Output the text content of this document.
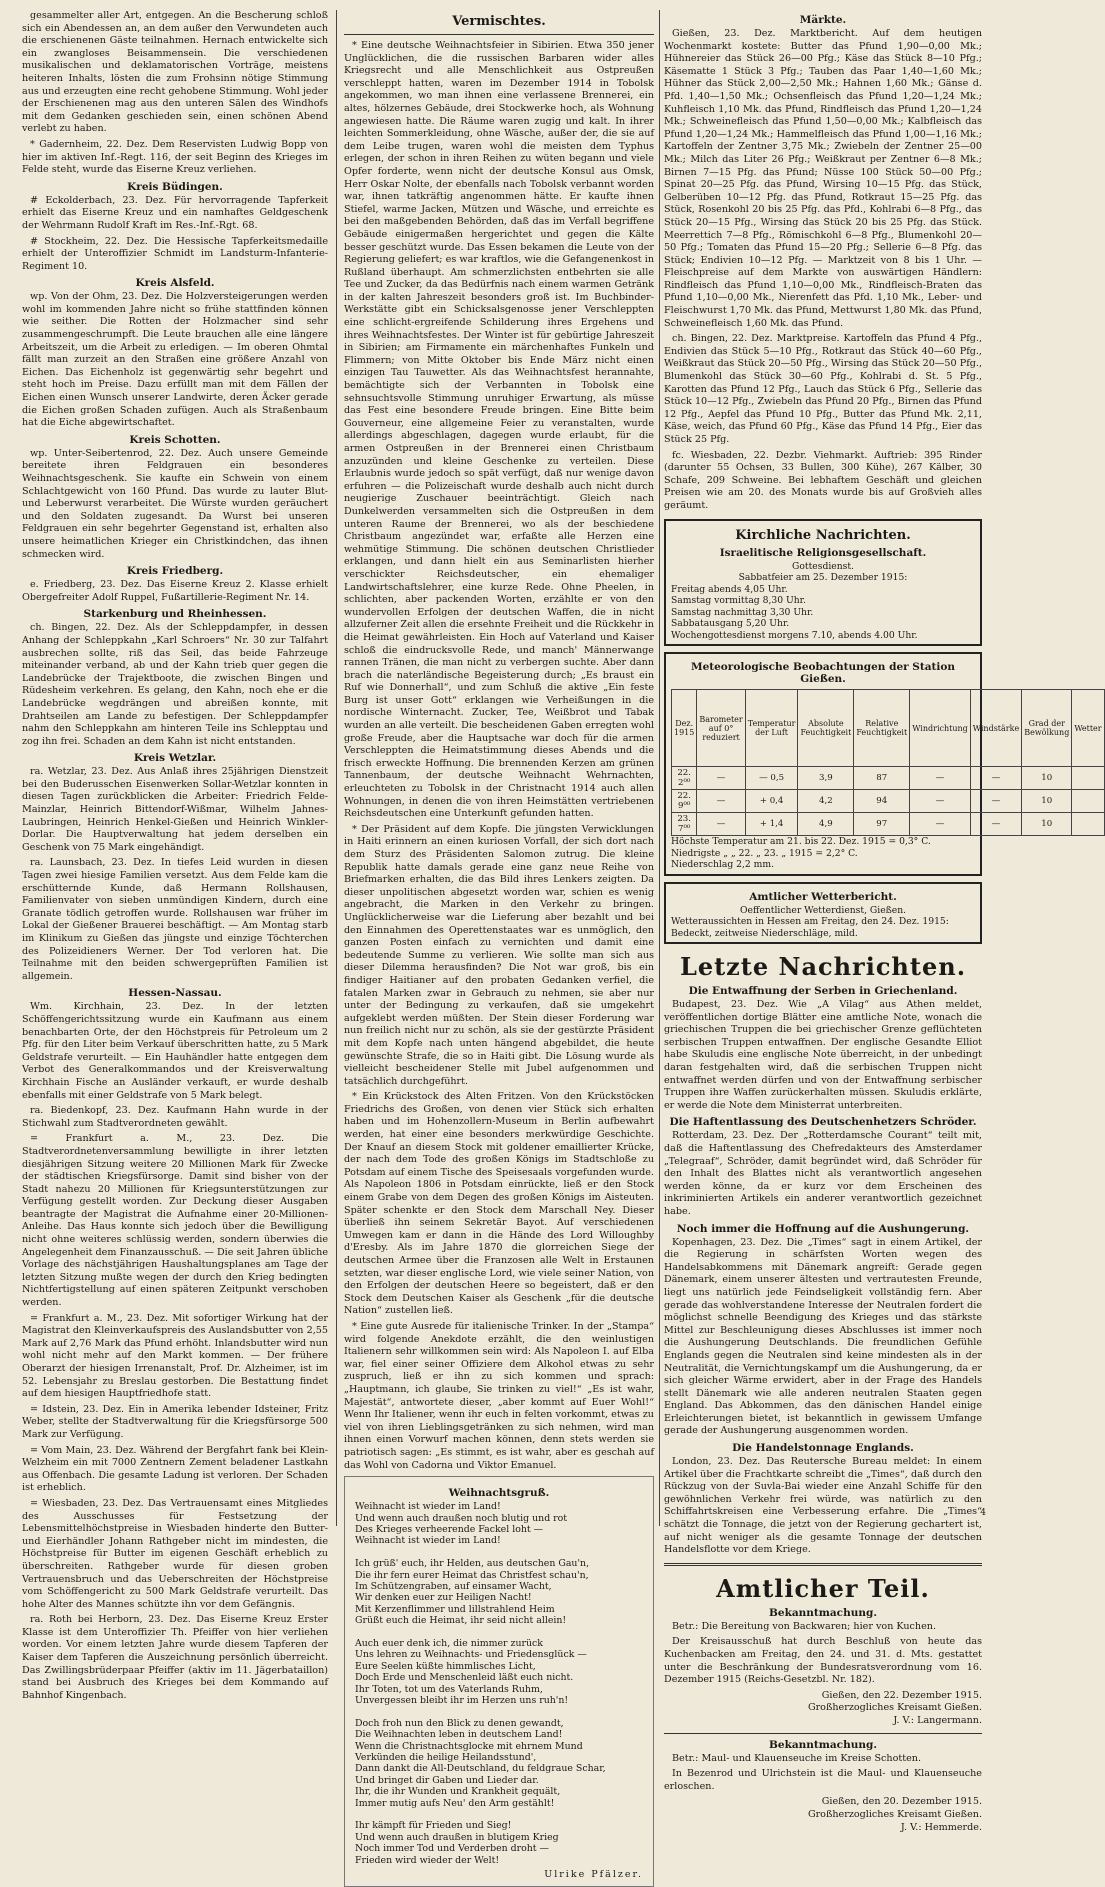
gesammelter aller Art, entgegen. An die Bescherung schloß sich ein Abendessen an, an dem außer den Verwundeten auch die erschienenen Gäste teilnahmen. Hernach entwickelte sich ein zwangloses Beisammensein. Die verschiedenen musikalischen und deklamatorischen Vorträge, meistens heiteren Inhalts, lösten die zum Frohsinn nötige Stimmung aus und erzeugten eine recht gehobene Stimmung. Wohl jeder der Erschienenen mag aus den unteren Sälen des Windhofs mit dem Gedanken geschieden sein, einen schönen Abend verlebt zu haben.

* Gadernheim, 22. Dez. Dem Reservisten Ludwig Bopp von hier im aktiven Inf.-Regt. 116, der seit Beginn des Krieges im Felde steht, wurde das Eiserne Kreuz verliehen.

Kreis Büdingen.

# Eckolderbach, 23. Dez. Für hervorragende Tapferkeit erhielt das Eiserne Kreuz und ein namhaftes Geldgeschenk der Wehrmann Rudolf Kraft im Res.-Inf.-Rgt. 68.

# Stockheim, 22. Dez. Die Hessische Tapferkeitsmedaille erhielt der Unteroffizier Schmidt im Landsturm-Infanterie-Regiment 10.

Kreis Alsfeld.

wp. Von der Ohm, 23. Dez. Die Holzversteigerungen werden wohl im kommenden Jahre nicht so frühe stattfinden können wie seither. Die Rotten der Holzmacher sind sehr zusammengeschrumpft. Die Leute brauchen alle eine längere Arbeitszeit, um die Arbeit zu erledigen. — Im oberen Ohmtal fällt man zurzeit an den Straßen eine größere Anzahl von Eichen. Das Eichenholz ist gegenwärtig sehr begehrt und steht hoch im Preise. Dazu erfüllt man mit dem Fällen der Eichen einen Wunsch unserer Landwirte, deren Äcker gerade die Eichen großen Schaden zufügen. Auch als Straßenbaum hat die Eiche abgewirtschaftet.

Kreis Schotten.

wp. Unter-Seibertenrod, 22. Dez. Auch unsere Gemeinde bereitete ihren Feldgrauen ein besonderes Weihnachtsgeschenk. Sie kaufte ein Schwein von einem Schlachtgewicht von 160 Pfund. Das wurde zu lauter Blut- und Leberwurst verarbeitet. Die Würste wurden geräuchert und den Soldaten zugesandt. Da Wurst bei unseren Feldgrauen ein sehr begehrter Gegenstand ist, erhalten also unsere heimatlichen Krieger ein Christkindchen, das ihnen schmecken wird.

Kreis Friedberg.

e. Friedberg, 23. Dez. Das Eiserne Kreuz 2. Klasse erhielt Obergefreiter Adolf Ruppel, Fußartillerie-Regiment Nr. 14.

Starkenburg und Rheinhessen.

ch. Bingen, 22. Dez. Als der Schleppdampfer, in dessen Anhang der Schleppkahn „Karl Schroers“ Nr. 30 zur Talfahrt ausbrechen sollte, riß das Seil, das beide Fahrzeuge miteinander verband, ab und der Kahn trieb quer gegen die Landebrücke der Trajektboote, die zwischen Bingen und Rüdesheim verkehren. Es gelang, den Kahn, noch ehe er die Landebrücke wegdrängen und abreißen konnte, mit Drahtseilen am Lande zu befestigen. Der Schleppdampfer nahm den Schleppkahn am hinteren Teile ins Schlepptau und zog ihn frei. Schaden an dem Kahn ist nicht entstanden.

Kreis Wetzlar.

ra. Wetzlar, 23. Dez. Aus Anlaß ihres 25jährigen Dienstzeit bei den Buderusschen Eisenwerken Sollar-Wetzlar konnten in diesen Tagen zurückblicken die Arbeiter: Friedrich Felde-Mainzlar, Heinrich Bittendorf-Wißmar, Wilhelm Jahnes-Laubringen, Heinrich Henkel-Gießen und Heinrich Winkler-Dorlar. Die Hauptverwaltung hat jedem derselben ein Geschenk von 75 Mark eingehändigt.

ra. Launsbach, 23. Dez. In tiefes Leid wurden in diesen Tagen zwei hiesige Familien versetzt. Aus dem Felde kam die erschütternde Kunde, daß Hermann Rollshausen, Familienvater von sieben unmündigen Kindern, durch eine Granate tödlich getroffen wurde. Rollshausen war früher im Lokal der Gießener Brauerei beschäftigt. — Am Montag starb im Klinikum zu Gießen das jüngste und einzige Töchterchen des Polizeidieners Werner. Der Tod verloren hat. Die Teilnahme mit den beiden schwergeprüften Familien ist allgemein.

Hessen-Nassau.

Wm. Kirchhain, 23. Dez. In der letzten Schöffengerichtssitzung wurde ein Kaufmann aus einem benachbarten Orte, der den Höchstpreis für Petroleum um 2 Pfg. für den Liter beim Verkauf überschritten hatte, zu 5 Mark Geldstrafe verurteilt. — Ein Hauhändler hatte entgegen dem Verbot des Generalkommandos und der Kreisverwaltung Kirchhain Fische an Ausländer verkauft, er wurde deshalb ebenfalls mit einer Geldstrafe von 5 Mark belegt.

ra. Biedenkopf, 23. Dez. Kaufmann Hahn wurde in der Stichwahl zum Stadtverordneten gewählt.

= Frankfurt a. M., 23. Dez. Die Stadtverordnetenversammlung bewilligte in ihrer letzten diesjährigen Sitzung weitere 20 Millionen Mark für Zwecke der städtischen Kriegsfürsorge. Damit sind bisher von der Stadt nahezu 20 Millionen für Kriegsunterstützungen zur Verfügung gestellt worden. Zur Deckung dieser Ausgaben beantragte der Magistrat die Aufnahme einer 20-Millionen-Anleihe. Das Haus konnte sich jedoch über die Bewilligung nicht ohne weiteres schlüssig werden, sondern überwies die Angelegenheit dem Finanzausschuß. — Die seit Jahren übliche Vorlage des nächstjährigen Haushaltungsplanes am Tage der letzten Sitzung mußte wegen der durch den Krieg bedingten Nichtfertigstellung auf einen späteren Zeitpunkt verschoben werden.

= Frankfurt a. M., 23. Dez. Mit sofortiger Wirkung hat der Magistrat den Kleinverkaufspreis des Auslandsbutter von 2,55 Mark auf 2,76 Mark das Pfund erhöht. Inlandsbutter wird nun wohl nicht mehr auf den Markt kommen. — Der frühere Oberarzt der hiesigen Irrenanstalt, Prof. Dr. Alzheimer, ist im 52. Lebensjahr zu Breslau gestorben. Die Bestattung findet auf dem hiesigen Hauptfriedhofe statt.

= Idstein, 23. Dez. Ein in Amerika lebender Idsteiner, Fritz Weber, stellte der Stadtverwaltung für die Kriegsfürsorge 500 Mark zur Verfügung.

= Vom Main, 23. Dez. Während der Bergfahrt fank bei Klein-Welzheim ein mit 7000 Zentnern Zement beladener Lastkahn aus Offenbach. Die gesamte Ladung ist verloren. Der Schaden ist erheblich.

= Wiesbaden, 23. Dez. Das Vertrauensamt eines Mitgliedes des Ausschusses für Festsetzung der Lebensmittelhöchstpreise in Wiesbaden hinderte den Butter- und Eierhändler Johann Rathgeber nicht im mindesten, die Höchstpreise für Butter im eigenen Geschäft erheblich zu überschreiten. Rathgeber wurde für diesen groben Vertrauensbruch und das Ueberschreiten der Höchstpreise vom Schöffengericht zu 500 Mark Geldstrafe verurteilt. Das hohe Alter des Mannes schützte ihn vor dem Gefängnis.

ra. Roth bei Herborn, 23. Dez. Das Eiserne Kreuz Erster Klasse ist dem Unteroffizier Th. Pfeiffer von hier verliehen worden. Vor einem letzten Jahre wurde diesem Tapferen der Kaiser dem Tapferen die Auszeichnung persönlich überreicht. Das Zwillingsbrüderpaar Pfeiffer (aktiv im 11. Jägerbataillon) stand bei Ausbruch des Krieges bei dem Kommando auf Bahnhof Kingenbach.

Vermischtes.

* Eine deutsche Weihnachtsfeier in Sibirien. Etwa 350 jener Unglücklichen, die die russischen Barbaren wider alles Kriegsrecht und alle Menschlichkeit aus Ostpreußen verschleppt hatten, waren im Dezember 1914 in Tobolsk angekommen, wo man ihnen eine verlassene Brennerei, ein altes, hölzernes Gebäude, drei Stockwerke hoch, als Wohnung angewiesen hatte. Die Räume waren zugig und kalt. In ihrer leichten Sommerkleidung, ohne Wäsche, außer der, die sie auf dem Leibe trugen, waren wohl die meisten dem Typhus erlegen, der schon in ihren Reihen zu wüten begann und viele Opfer forderte, wenn nicht der deutsche Konsul aus Omsk, Herr Oskar Nolte, der ebenfalls nach Tobolsk verbannt worden war, ihnen tatkräftig angenommen hätte. Er kaufte ihnen Stiefel, warme Jacken, Mützen und Wäsche, und erreichte es bei den maßgebenden Behörden, daß das im Verfall begriffene Gebäude einigermaßen hergerichtet und gegen die Kälte besser geschützt wurde. Das Essen bekamen die Leute von der Regierung geliefert; es war kraftlos, wie die Gefangenenkost in Rußland überhaupt. Am schmerzlichsten entbehrten sie alle Tee und Zucker, da das Bedürfnis nach einem warmen Getränk in der kalten Jahreszeit besonders groß ist. Im Buchbinder-Werkstätte gibt ein Schicksalsgenosse jener Verschleppten eine schlicht-ergreifende Schilderung ihres Ergehens und ihres Weihnachtsfestes. Der Winter ist für gebürtige Jahreszeit in Sibirien; am Firmamente ein märchenhaftes Funkeln und Flimmern; von Mitte Oktober bis Ende März nicht einen einzigen Tau Tauwetter. Als das Weihnachtsfest herannahte, bemächtigte sich der Verbannten in Tobolsk eine sehnsuchtsvolle Stimmung unruhiger Erwartung, als müsse das Fest eine besondere Freude bringen. Eine Bitte beim Gouverneur, eine allgemeine Feier zu veranstalten, wurde allerdings abgeschlagen, dagegen wurde erlaubt, für die armen Ostpreußen in der Brennerei einen Christbaum anzuzünden und kleine Geschenke zu verteilen. Diese Erlaubnis wurde jedoch so spät verfügt, daß nur wenige davon erfuhren — die Polizeischaft wurde deshalb auch nicht durch neugierige Zuschauer beeinträchtigt. Gleich nach Dunkelwerden versammelten sich die Ostpreußen in dem unteren Raume der Brennerei, wo als der beschiedene Christbaum angezündet war, erfaßte alle Herzen eine wehmütige Stimmung. Die schönen deutschen Christlieder erklangen, und dann hielt ein aus Seminarlisten hierher verschickter Reichsdeutscher, ein ehemaliger Landwirtschaftslehrer, eine kurze Rede. Ohne Pheelen, in schlichten, aber packenden Worten, erzählte er von den wundervollen Erfolgen der deutschen Waffen, die in nicht allzuferner Zeit allen die ersehnte Freiheit und die Rückkehr in die Heimat gewährleisten. Ein Hoch auf Vaterland und Kaiser schloß die eindrucksvolle Rede, und manch' Männerwange rannen Tränen, die man nicht zu verbergen suchte. Aber dann brach die naterländische Begeisterung durch; „Es braust ein Ruf wie Donnerhall“, und zum Schluß die aktive „Ein feste Burg ist unser Gott“ erklangen wie Verheißungen in die nordische Winternacht. Zucker, Tee, Weißbrot und Tabak wurden an alle verteilt. Die bescheidenen Gaben erregten wohl große Freude, aber die Hauptsache war doch für die armen Verschleppten die Heimatstimmung dieses Abends und die frisch erweckte Hoffnung. Die brennenden Kerzen am grünen Tannenbaum, der deutsche Weihnacht Wehrnachten, erleuchteten zu Tobolsk in der Christnacht 1914 auch allen Wohnungen, in denen die von ihren Heimstätten vertriebenen Reichsdeutschen eine Unterkunft gefunden hatten.

* Der Präsident auf dem Kopfe. Die jüngsten Verwicklungen in Haiti erinnern an einen kuriosen Vorfall, der sich dort nach dem Sturz des Präsidenten Salomon zutrug. Die kleine Republik hatte damals gerade eine ganz neue Reihe von Briefmarken erhalten, die das Bild ihres Lenkers zeigten. Da dieser unpolitischen abgesetzt worden war, schien es wenig angebracht, die Marken in den Verkehr zu bringen. Unglücklicherweise war die Lieferung aber bezahlt und bei den Einnahmen des Operettenstaates war es unmöglich, den ganzen Posten einfach zu vernichten und damit eine bedeutende Summe zu verlieren. Wie sollte man sich aus dieser Dilemma herausfinden? Die Not war groß, bis ein findiger Haitianer auf den probaten Gedanken verfiel, die fatalen Marken zwar in Gebrauch zu nehmen, sie aber nur unter der Bedingung zu verkaufen, daß sie umgekehrt aufgeklebt werden müßten. Der Stein dieser Forderung war nun freilich nicht nur zu schön, als sie der gestürzte Präsident mit dem Kopfe nach unten hängend abgebildet, die heute gewünschte Strafe, die so in Haiti gibt. Die Lösung wurde als vielleicht bescheidener Stelle mit Jubel aufgenommen und tatsächlich durchgeführt.

* Ein Krückstock des Alten Fritzen. Von den Krückstöcken Friedrichs des Großen, von denen vier Stück sich erhalten haben und im Hohenzollern-Museum in Berlin aufbewahrt werden, hat einer eine besonders merkwürdige Geschichte. Der Knauf an diesem Stock mit goldener emaillierter Krücke, der nach dem Tode des großen Königs im Stadtschloße zu Potsdam auf einem Tische des Speisesaals vorgefunden wurde. Als Napoleon 1806 in Potsdam einrückte, ließ er den Stock einem Grabe von dem Degen des großen Königs im Aisteuten. Später schenkte er den Stock dem Marschall Ney. Dieser überließ ihn seinem Sekretär Bayot. Auf verschiedenen Umwegen kam er dann in die Hände des Lord Willoughby d'Eresby. Als im Jahre 1870 die glorreichen Siege der deutschen Armee über die Franzosen alle Welt in Erstaunen setzten, war dieser englische Lord, wie viele seiner Nation, von den Erfolgen der deutschen Heere so begeistert, daß er den Stock dem Deutschen Kaiser als Geschenk „für die deutsche Nation“ zustellen ließ.

* Eine gute Ausrede für italienische Trinker. In der „Stampa“ wird folgende Anekdote erzählt, die den weinlustigen Italienern sehr willkommen sein wird: Als Napoleon I. auf Elba war, fiel einer seiner Offiziere dem Alkohol etwas zu sehr zuspruch, ließ er ihn zu sich kommen und sprach: „Hauptmann, ich glaube, Sie trinken zu viel!“ „Es ist wahr, Majestät“, antwortete dieser, „aber kommt auf Euer Wohl!“ Wenn Ihr Italiener, wenn ihr euch in felten vorkommt, etwas zu viel von ihren Lieblingsgetränken zu sich nehmen, wird man ihnen einen Vorwurf machen können, denn stets werden sie patriotisch sagen: „Es stimmt, es ist wahr, aber es geschah auf das Wohl von Cadorna und Viktor Emanuel.

Weihnachtsgruß.
Weihnacht ist wieder im Land!
Und wenn auch draußen noch blutig und rot
Des Krieges verheerende Fackel loht —
Weihnacht ist wieder im Land!

Ich grüß' euch, ihr Helden, aus deutschen Gau'n,
Die ihr fern eurer Heimat das Christfest schau'n,
Im Schützengraben, auf einsamer Wacht,
Wir denken euer zur Heiligen Nacht!
Mit Kerzenflimmer und lillstrahlend Heim
Grüßt euch die Heimat, ihr seid nicht allein!

Auch euer denk ich, die nimmer zurück
Uns lehren zu Weihnachts- und Friedensglück —
Eure Seelen küßte himmlisches Licht,
Doch Erde und Menschenleid läßt euch nicht.
Ihr Toten, tot um des Vaterlands Ruhm,
Unvergessen bleibt ihr im Herzen uns ruh'n!

Doch froh nun den Blick zu denen gewandt,
Die Weihnachten leben in deutschem Land!
Wenn die Christnachtsglocke mit ehrnem Mund
Verkünden die heilige Heilandsstund',
Dann dankt die All-Deutschland, du feldgraue Schar,
Und bringet dir Gaben und Lieder dar.
Ihr, die ihr Wunden und Krankheit gequält,
Immer mutig aufs Neu' den Arm gestählt!

Ihr kämpft für Frieden und Sieg!
Und wenn auch draußen in blutigem Krieg
Noch immer Tod und Verderben droht —
Frieden wird wieder der Welt!
Ulrike Pfälzer.
Märkte.

Gießen, 23. Dez. Marktbericht. Auf dem heutigen Wochenmarkt kostete: Butter das Pfund 1,90—0,00 Mk.; Hühnereier das Stück 26—00 Pfg.; Käse das Stück 8—10 Pfg.; Käsematte 1 Stück 3 Pfg.; Tauben das Paar 1,40—1,60 Mk.; Hühner das Stück 2,00—2,50 Mk.; Hahnen 1,60 Mk.; Gänse d. Pfd. 1,40—1,50 Mk.; Ochsenfleisch das Pfund 1,20—1,24 Mk.; Kuhfleisch 1,10 Mk. das Pfund, Rindfleisch das Pfund 1,20—1,24 Mk.; Schweinefleisch das Pfund 1,50—0,00 Mk.; Kalbfleisch das Pfund 1,20—1,24 Mk.; Hammelfleisch das Pfund 1,00—1,16 Mk.; Kartoffeln der Zentner 3,75 Mk.; Zwiebeln der Zentner 25—00 Mk.; Milch das Liter 26 Pfg.; Weißkraut per Zentner 6—8 Mk.; Birnen 7—15 Pfg. das Pfund; Nüsse 100 Stück 50—00 Pfg.; Spinat 20—25 Pfg. das Pfund, Wirsing 10—15 Pfg. das Stück, Gelberüben 10—12 Pfg. das Pfund, Rotkraut 15—25 Pfg. das Stück, Rosenkohl 20 bis 25 Pfg. das Pfd., Kohlrabi 6—8 Pfg., das Stück 20—15 Pfg., Wirsing das Stück 20 bis 25 Pfg. das Stück. Meerrettich 7—8 Pfg., Römischkohl 6—8 Pfg., Blumenkohl 20—50 Pfg.; Tomaten das Pfund 15—20 Pfg.; Sellerie 6—8 Pfg. das Stück; Endivien 10—12 Pfg. — Marktzeit von 8 bis 1 Uhr. — Fleischpreise auf dem Markte von auswärtigen Händlern: Rindfleisch das Pfund 1,10—0,00 Mk., Rindfleisch-Braten das Pfund 1,10—0,00 Mk., Nierenfett das Pfd. 1,10 Mk., Leber- und Fleischwurst 1,70 Mk. das Pfund, Mettwurst 1,80 Mk. das Pfund, Schweinefleisch 1,60 Mk. das Pfund.

ch. Bingen, 22. Dez. Marktpreise. Kartoffeln das Pfund 4 Pfg., Endivien das Stück 5—10 Pfg., Rotkraut das Stück 40—60 Pfg., Weißkraut das Stück 20—50 Pfg., Wirsing das Stück 20—50 Pfg., Blumenkohl das Stück 30—60 Pfg., Kohlrabi d. St. 5 Pfg., Karotten das Pfund 12 Pfg., Lauch das Stück 6 Pfg., Sellerie das Stück 10—12 Pfg., Zwiebeln das Pfund 20 Pfg., Birnen das Pfund 12 Pfg., Aepfel das Pfund 10 Pfg., Butter das Pfund Mk. 2,11, Käse, weich, das Pfund 60 Pfg., Käse das Pfund 14 Pfg., Eier das Stück 25 Pfg.

fc. Wiesbaden, 22. Dezbr. Viehmarkt. Auftrieb: 395 Rinder (darunter 55 Ochsen, 33 Bullen, 300 Kühe), 267 Kälber, 30 Schafe, 209 Schweine. Bei lebhaftem Geschäft und gleichen Preisen wie am 20. des Monats wurde bis auf Großvieh alles geräumt.

Kirchliche Nachrichten.
Israelitische Religionsgesellschaft.

Gottesdienst.

Sabbatfeier am 25. Dezember 1915:

Freitag abends 4,05 Uhr.

Samstag vormittag 8,30 Uhr.

Samstag nachmittag 3,30 Uhr.

Sabbatausgang 5,20 Uhr.

Wochengottesdienst morgens 7.10, abends 4.00 Uhr.

Meteorologische Beobachtungen der Station Gießen.
Dez. 1915	Barometer auf 0° reduziert	Temperatur der Luft	Absolute Feuchtigkeit	Relative Feuchtigkeit	Windrichtung	Windstärke	Grad der Bewölkung	Wetter
22. 2⁰⁰	—	— 0,5	3,9	87	—	—	10	
22. 9⁰⁰	—	+ 0,4	4,2	94	—	—	10	
23. 7⁰⁰	—	+ 1,4	4,9	97	—	—	10	

Höchste Temperatur am 21. bis 22. Dez. 1915 = 0,3° C.

Niedrigste „ „ 22. „ 23. „ 1915 = 2,2° C.

Niederschlag 2,2 mm.

Amtlicher Wetterbericht.

Oeffentlicher Wetterdienst, Gießen.

Wetteraussichten in Hessen am Freitag, den 24. Dez. 1915: Bedeckt, zeitweise Niederschläge, mild.

Letzte Nachrichten.
Die Entwaffnung der Serben in Griechenland.

Budapest, 23. Dez. Wie „A Vilag“ aus Athen meldet, veröffentlichen dortige Blätter eine amtliche Note, wonach die griechischen Truppen die bei griechischer Grenze geflüchteten serbischen Truppen entwaffnen. Der englische Gesandte Elliot habe Skuludis eine englische Note überreicht, in der unbedingt daran festgehalten wird, daß die serbischen Truppen nicht entwaffnet werden dürfen und von der Entwaffnung serbischer Truppen ihre Waffen zurückerhalten müssen. Skuludis erklärte, er werde die Note dem Ministerrat unterbreiten.

Die Haftentlassung des Deutschenhetzers Schröder.

Rotterdam, 23. Dez. Der „Rotterdamsche Courant“ teilt mit, daß die Haftentlassung des Chefredakteurs des Amsterdamer „Telegraaf“, Schröder, damit begründet wird, daß Schröder für den Inhalt des Blattes nicht als verantwortlich angesehen werden könne, da er kurz vor dem Erscheinen des inkriminierten Artikels ein anderer verantwortlich gezeichnet habe.

Noch immer die Hoffnung auf die Aushungerung.

Kopenhagen, 23. Dez. Die „Times“ sagt in einem Artikel, der die Regierung in schärfsten Worten wegen des Handelsabkommens mit Dänemark angreift: Gerade gegen Dänemark, einem unserer ältesten und vertrautesten Freunde, liegt uns natürlich jede Feindseligkeit vollständig fern. Aber gerade das wohlverstandene Interesse der Neutralen fordert die möglichst schnelle Beendigung des Krieges und das stärkste Mittel zur Beschleunigung dieses Abschlusses ist immer noch die Aushungerung Deutschlands. Die freundlichen Gefühle Englands gegen die Neutralen sind keine mindesten als in der Neutralität, die Vernichtungskampf um die Aushungerung, da er sich gleicher Wärme erwidert, aber in der Frage des Handels stellt Dänemark wie alle anderen neutralen Staaten gegen England. Das Abkommen, das den dänischen Handel einige Erleichterungen bietet, ist bekanntlich in gewissem Umfange gerade der Aushungerung ausgenommen worden.

Die Handelstonnage Englands.

London, 23. Dez. Das Reutersche Bureau meldet: In einem Artikel über die Frachtkarte schreibt die „Times“, daß durch den Rückzug von der Suvla-Bai wieder eine Anzahl Schiffe für den gewöhnlichen Verkehr frei würde, was natürlich zu den Schiffahrtskreisen eine Verbesserung erfahre. Die „Times“ schätzt die Tonnage, die jetzt von der Regierung gechartert ist, auf nicht weniger als die gesamte Tonnage der deutschen Handelsflotte vor dem Kriege.

Amtlicher Teil.
Bekanntmachung.

Betr.: Die Bereitung von Backwaren; hier von Kuchen.

Der Kreisausschuß hat durch Beschluß von heute das Kuchenbacken am Freitag, den 24. und 31. d. Mts. gestattet unter die Beschränkung der Bundesratsverordnung vom 16. Dezember 1915 (Reichs-Gesetzbl. Nr. 182).

Gießen, den 22. Dezember 1915.

Großherzogliches Kreisamt Gießen.

J. V.: Langermann.

Bekanntmachung.

Betr.: Maul- und Klauenseuche im Kreise Schotten.

In Bezenrod und Ulrichstein ist die Maul- und Klauenseuche erloschen.

Gießen, den 20. Dezember 1915.

Großherzogliches Kreisamt Gießen.

J. V.: Hemmerde.

4
